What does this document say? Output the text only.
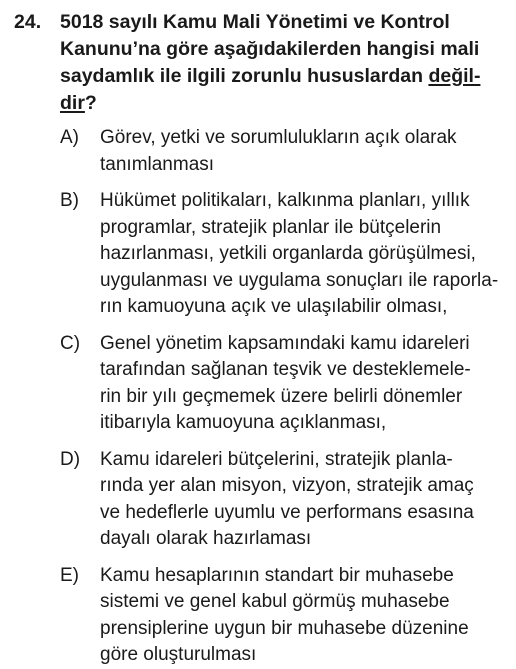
24. 5018 sayılı Kamu Mali Yönetimi ve Kontrol
Kanunu’na göre aşağıdakilerden hangisi mali
saydamlık ile ilgili zorunlu hususlardan değil-
dir?
A)	Görev, yetki ve sorumlulukların açık olarak
tanımlanması
B)	Hükümet politikaları, kalkınma planları, yıllık
programlar, stratejik planlar ile bütçelerin
hazırlanması, yetkili organlarda görüşülmesi,
uygulanması ve uygulama sonuçları ile raporla-
rın kamuoyuna açık ve ulaşılabilir olması,
C)	Genel yönetim kapsamındaki kamu idareleri
tarafından sağlanan teşvik ve desteklemele-
rin bir yılı geçmemek üzere belirli dönemler
itibarıyla kamuoyuna açıklanması,
D)	Kamu idareleri bütçelerini, stratejik planla-
rında yer alan misyon, vizyon, stratejik amaç
ve hedeflerle uyumlu ve performans esasına
dayalı olarak hazırlaması
E)	Kamu hesaplarının standart bir muhasebe
sistemi ve genel kabul görmüş muhasebe
prensiplerine uygun bir muhasebe düzenine
göre oluşturulması
